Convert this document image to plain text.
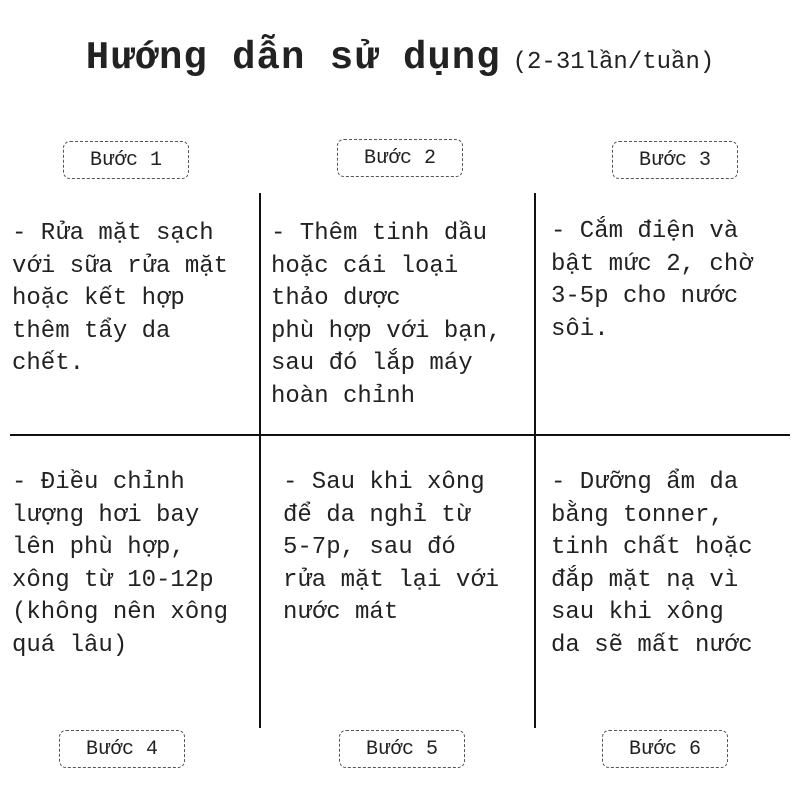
Hướng dẫn sử dụng (2-31lần/tuần)
Bước 1	Bước 2	Bước 3
- Rửa mặt sạch
với sữa rửa mặt
hoặc kết hợp
thêm tẩy da
chết.
- Thêm tinh dầu
hoặc cái loại
thảo dược
phù hợp với bạn,
sau đó lắp máy
hoàn chỉnh
- Cắm điện và
bật mức 2, chờ
3-5p cho nước
sôi.
- Điều chỉnh
lượng hơi bay
lên phù hợp,
xông từ 10-12p
(không nên xông
quá lâu)
- Sau khi xông
để da nghỉ từ
5-7p, sau đó
rửa mặt lại với
nước mát
- Dưỡng ẩm da
bằng tonner,
tinh chất hoặc
đắp mặt nạ vì
sau khi xông
da sẽ mất nước
Bước 4	Bước 5	Bước 6
